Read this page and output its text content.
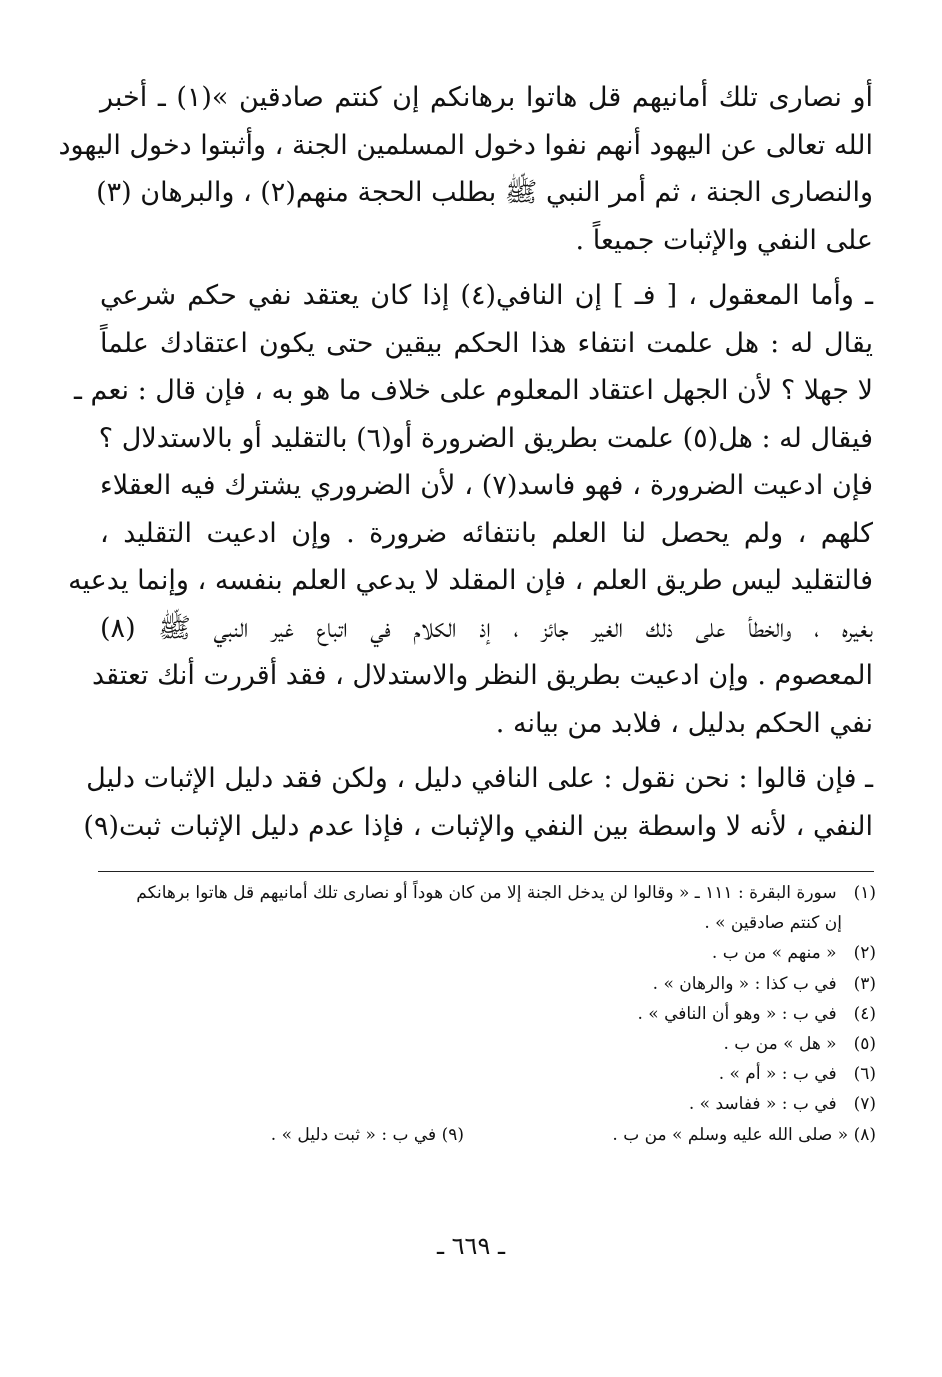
أو نصارى تلك أمانيهم قل هاتوا برهانكم إن كنتم صادقين »(١) ـ أخبر
الله تعالى عن اليهود أنهم نفوا دخول المسلمين الجنة ، وأثبتوا دخول اليهود
والنصارى الجنة ، ثم أمر النبي ﷺ بطلب الحجة منهم(٢) ، والبرهان (٣)
على النفي والإثبات جميعاً .

ـ وأما المعقول ، [ فـ ] إن النافي(٤) إذا كان يعتقد نفي حكم شرعي
يقال له : هل علمت انتفاء هذا الحكم بيقين حتى يكون اعتقادك علماً
لا جهلا ؟ لأن الجهل اعتقاد المعلوم على خلاف ما هو به ، فإن قال : نعم ـ
فيقال له : هل(٥) علمت بطريق الضرورة أو(٦) بالتقليد أو بالاستدلال ؟
فإن ادعيت الضرورة ، فهو فاسد(٧) ، لأن الضروري يشترك فيه العقلاء
كلهم ، ولم يحصل لنا العلم بانتفائه ضرورة . وإن ادعيت التقليد ،
فالتقليد ليس طريق العلم ، فإن المقلد لا يدعي العلم بنفسه ، وإنما يدعيه
بغيره ، والخطأ على ذلك الغير جائز ، إذ الكلام في اتباع غير النبي ﷺ (٨)
المعصوم . وإن ادعيت بطريق النظر والاستدلال ، فقد أقررت أنك تعتقد
نفي الحكم بدليل ، فلابد من بيانه .

ـ فإن قالوا : نحن نقول : على النافي دليل ، ولكن فقد دليل الإثبات دليل
النفي ، لأنه لا واسطة بين النفي والإثبات ، فإذا عدم دليل الإثبات ثبت(٩)

(١) سورة البقرة : ١١١ ـ « وقالوا لن يدخل الجنة إلا من كان هوداً أو نصارى تلك أمانيهم قل هاتوا برهانكم
إن كنتم صادقين » .
(٢) « منهم » من ب .
(٣) في ب كذا : « والرهان » .
(٤) في ب : « وهو أن النافي » .
(٥) « هل » من ب .
(٦) في ب : « أم » .
(٧) في ب : « ففاسد » .
(٨) « صلى الله عليه وسلم » من ب .
(٩) في ب : « ثبت دليل » .
ـ ٦٦٩ ـ
